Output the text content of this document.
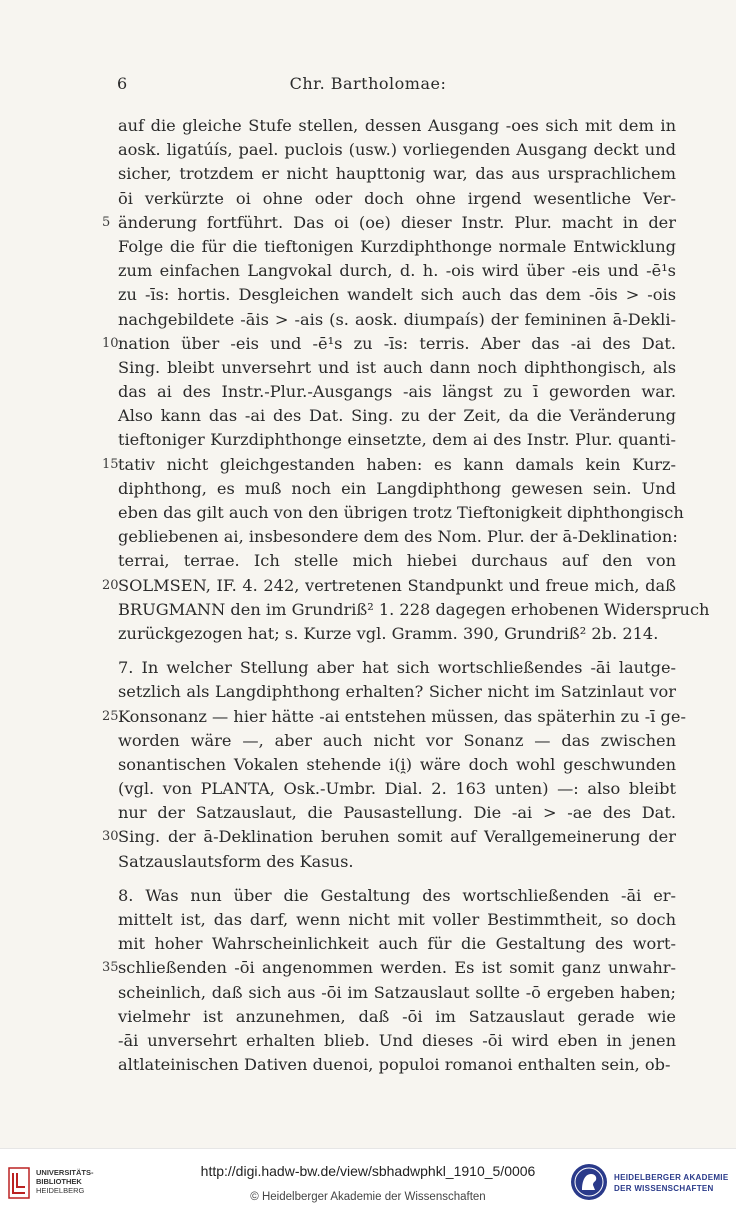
6	Chr. Bartholomae:
auf die gleiche Stufe stellen, dessen Ausgang -oes sich mit dem in
aosk. ligatúís, pael. puclois (usw.) vorliegenden Ausgang deckt und
sicher, trotzdem er nicht haupttonig war, das aus ursprachlichem
ōi verkürzte oi ohne oder doch ohne irgend wesentliche Ver-
5 änderung fortführt. Das oi (oe) dieser Instr. Plur. macht in der
Folge die für die tieftonigen Kurzdiphthonge normale Entwicklung
zum einfachen Langvokal durch, d. h. -ois wird über -eis und -ē¹s
zu -īs: hortis. Desgleichen wandelt sich auch das dem -ōis > -ois
nachgebildete -āis > -ais (s. aosk. diumpaís) der femininen ā-Dekli-
10 nation über -eis und -ē¹s zu -īs: terris. Aber das -ai des Dat.
Sing. bleibt unversehrt und ist auch dann noch diphthongisch, als
das ai des Instr.-Plur.-Ausgangs -ais längst zu ī geworden war.
Also kann das -ai des Dat. Sing. zu der Zeit, da die Veränderung
tieftoniger Kurzdiphthonge einsetzte, dem ai des Instr. Plur. quanti-
15 tativ nicht gleichgestanden haben: es kann damals kein Kurz-
diphthong, es muß noch ein Langdiphthong gewesen sein. Und
eben das gilt auch von den übrigen trotz Tieftonigkeit diphthongisch
gebliebenen ai, insbesondere dem des Nom. Plur. der ā-Deklination:
terrai, terrae. Ich stelle mich hiebei durchaus auf den von
20 SOLMSEN, IF. 4. 242, vertretenen Standpunkt und freue mich, daß
BRUGMANN den im Grundriß² 1. 228 dagegen erhobenen Widerspruch
zurückgezogen hat; s. Kurze vgl. Gramm. 390, Grundriß² 2b. 214.
7. In welcher Stellung aber hat sich wortschließendes -āi lautge-
setzlich als Langdiphthong erhalten? Sicher nicht im Satzinlaut vor
25 Konsonanz — hier hätte -ai entstehen müssen, das späterhin zu -ī ge-
worden wäre —, aber auch nicht vor Sonanz — das zwischen
sonantischen Vokalen stehende i(i̯) wäre doch wohl geschwunden
(vgl. von PLANTA, Osk.-Umbr. Dial. 2. 163 unten) —: also bleibt
nur der Satzauslaut, die Pausastellung. Die -ai > -ae des Dat.
30 Sing. der ā-Deklination beruhen somit auf Verallgemeinerung der
Satzauslautsform des Kasus.
8. Was nun über die Gestaltung des wortschließenden -āi er-
mittelt ist, das darf, wenn nicht mit voller Bestimmtheit, so doch
mit hoher Wahrscheinlichkeit auch für die Gestaltung des wort-
35 schließenden -ōi angenommen werden. Es ist somit ganz unwahr-
scheinlich, daß sich aus -ōi im Satzauslaut sollte -ō ergeben haben;
vielmehr ist anzunehmen, daß -ōi im Satzauslaut gerade wie
-āi unversehrt erhalten blieb. Und dieses -ōi wird eben in jenen
altlateinischen Dativen duenoi, populoi romanoi enthalten sein, ob-
UNIVERSITÄTS-
BIBLIOTHEK
HEIDELBERG
http://digi.hadw-bw.de/view/sbhadwphkl_1910_5/0006
© Heidelberger Akademie der Wissenschaften
HEIDELBERGER AKADEMIE
DER WISSENSCHAFTEN
